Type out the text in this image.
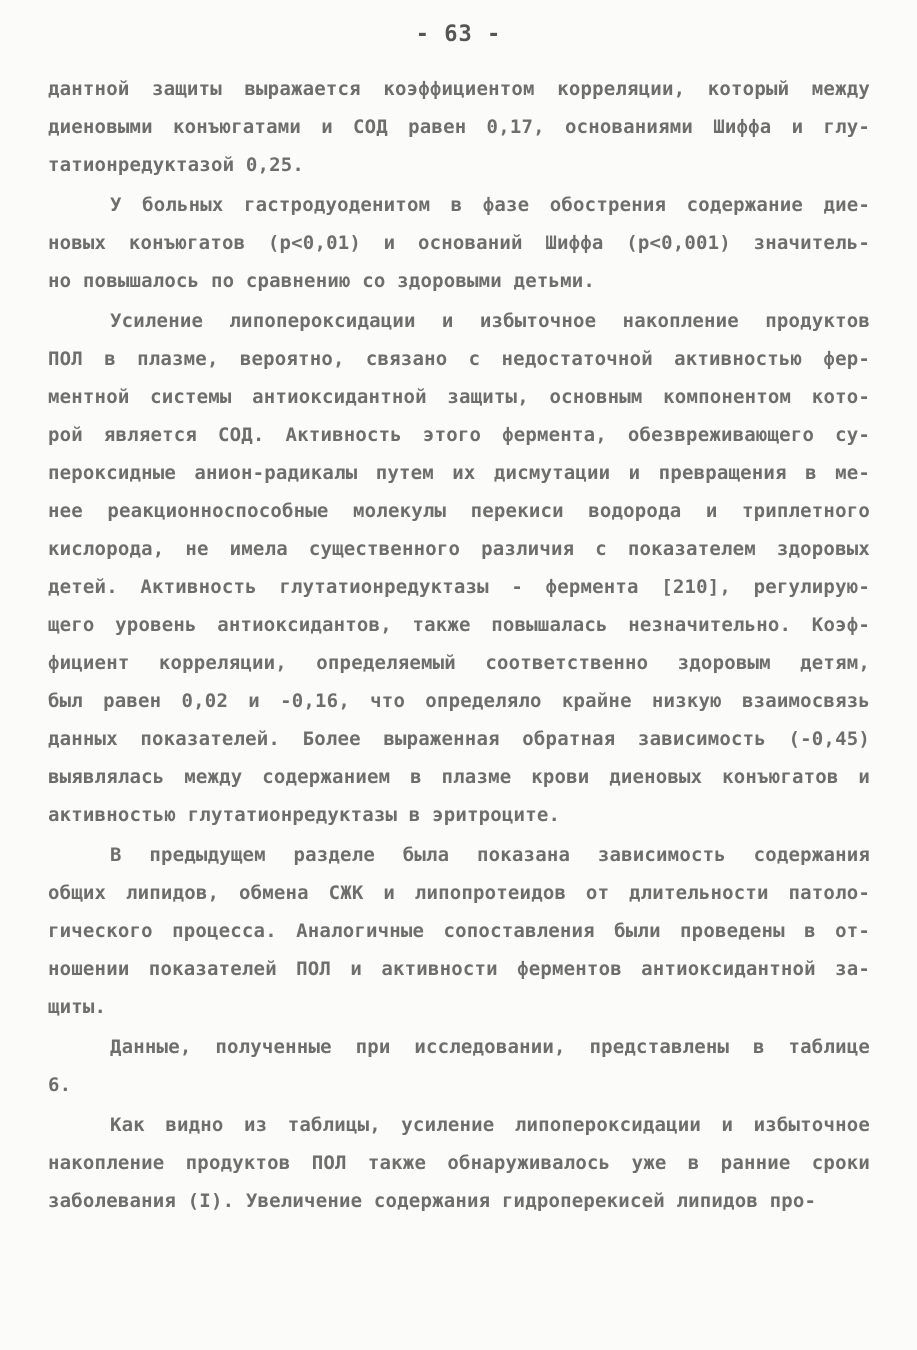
- 63 -
дантной защиты выражается коэффициентом корреляции, который между
диеновыми конъюгатами и СОД равен 0,17, основаниями Шиффа и глу-
татионредуктазой 0,25.
У больных гастродуоденитом в фазе обострения содержание дие-
новых конъюгатов (р<0,01) и оснований Шиффа (р<0,001) значитель-
но повышалось по сравнению со здоровыми детьми.
Усиление липопероксидации и избыточное накопление продуктов
ПОЛ в плазме, вероятно, связано с недостаточной активностью фер-
ментной системы антиоксидантной защиты, основным компонентом кото-
рой является СОД. Активность этого фермента, обезвреживающего су-
пероксидные анион-радикалы путем их дисмутации и превращения в ме-
нее реакционноспособные молекулы перекиси водорода и триплетного
кислорода, не имела существенного различия с показателем здоровых
детей. Активность глутатионредуктазы - фермента [210], регулирую-
щего уровень антиоксидантов, также повышалась незначительно. Коэф-
фициент корреляции, определяемый соответственно здоровым детям,
был равен 0,02 и -0,16, что определяло крайне низкую взаимосвязь
данных показателей. Более выраженная обратная зависимость (-0,45)
выявлялась между содержанием в плазме крови диеновых конъюгатов и
активностью глутатионредуктазы в эритроците.
В предыдущем разделе была показана зависимость содержания
общих липидов, обмена СЖК и липопротеидов от длительности патоло-
гического процесса. Аналогичные сопоставления были проведены в от-
ношении показателей ПОЛ и активности ферментов антиоксидантной за-
щиты.
Данные, полученные при исследовании, представлены в таблице
6.
Как видно из таблицы, усиление липопероксидации и избыточное
накопление продуктов ПОЛ также обнаруживалось уже в ранние сроки
заболевания (I). Увеличение содержания гидроперекисей липидов про-
